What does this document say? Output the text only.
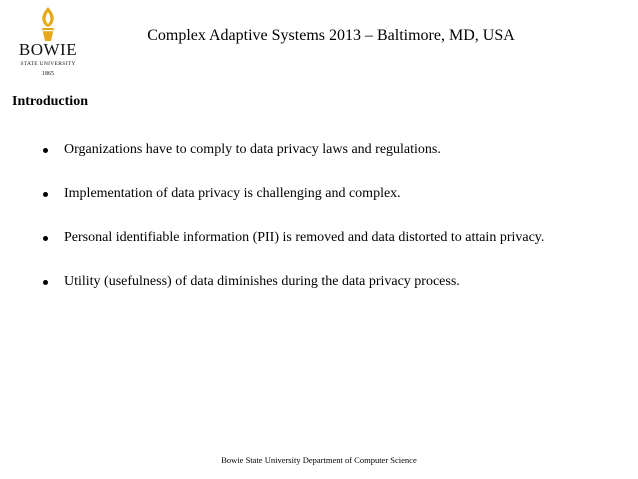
BOWIE
STATE UNIVERSITY
1865
Complex Adaptive Systems 2013 – Baltimore, MD, USA
Introduction
Organizations have to comply to data privacy laws and regulations.
Implementation of data privacy is challenging and complex.
Personal identifiable information (PII) is removed and data distorted to attain privacy.
Utility (usefulness) of data diminishes during the data privacy process.
Bowie State University Department of Computer Science
